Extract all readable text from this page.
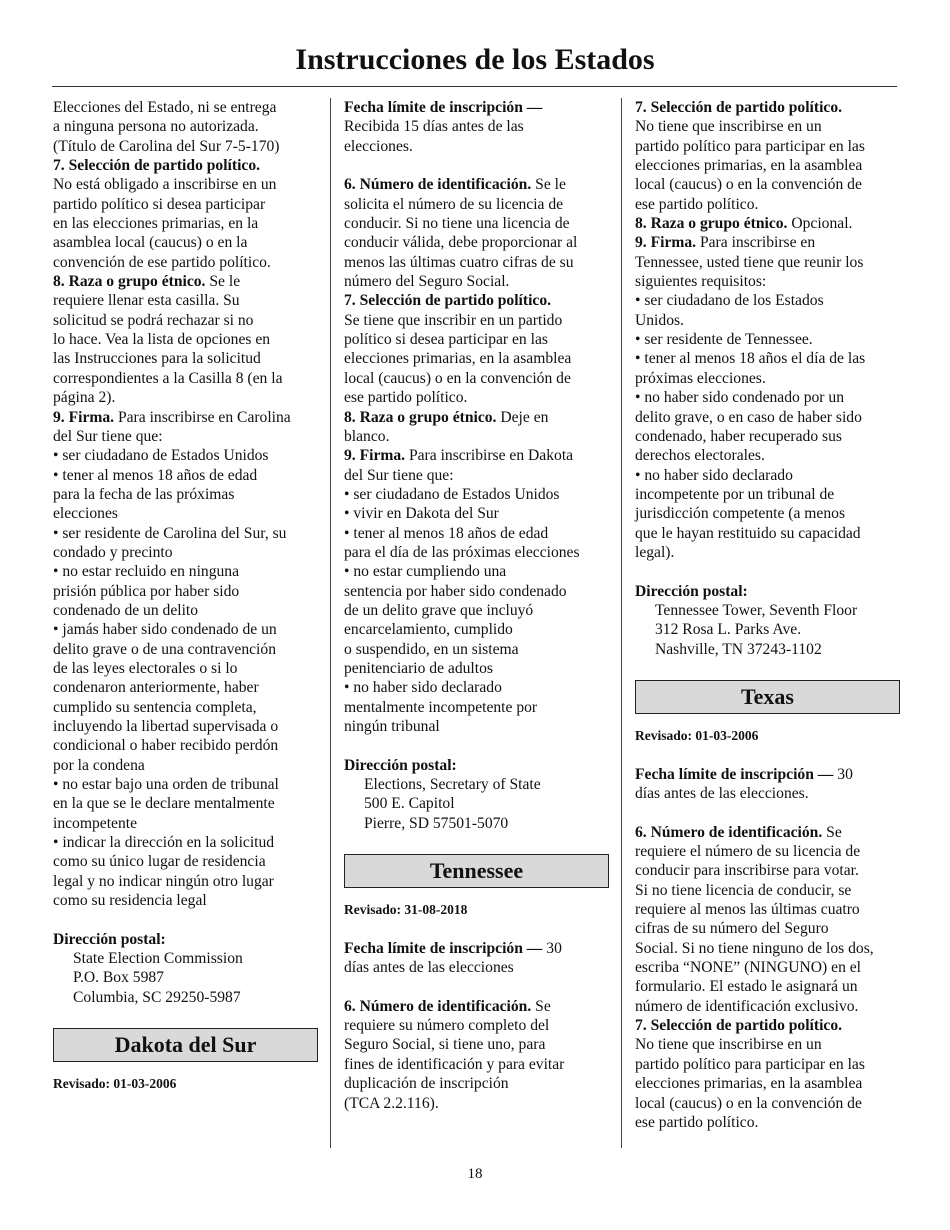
Instrucciones de los Estados

Elecciones del Estado, ni se entrega

a ninguna persona no autorizada.

(Título de Carolina del Sur 7-5-170)

7. Selección de partido político.

No está obligado a inscribirse en un

partido político si desea participar

en las elecciones primarias, en la

asamblea local (caucus) o en la

convención de ese partido político.

8. Raza o grupo étnico. Se le

requiere llenar esta casilla. Su

solicitud se podrá rechazar si no

lo hace. Vea la lista de opciones en

las Instrucciones para la solicitud

correspondientes a la Casilla 8 (en la

página 2).

9. Firma. Para inscribirse en Carolina

del Sur tiene que:

• ser ciudadano de Estados Unidos

• tener al menos 18 años de edad

para la fecha de las próximas

elecciones

• ser residente de Carolina del Sur, su

condado y precinto

• no estar recluido en ninguna

prisión pública por haber sido

condenado de un delito

• jamás haber sido condenado de un

delito grave o de una contravención

de las leyes electorales o si lo

condenaron anteriormente, haber

cumplido su sentencia completa,

incluyendo la libertad supervisada o

condicional o haber recibido perdón

por la condena

• no estar bajo una orden de tribunal

en la que se le declare mentalmente

incompetente

• indicar la dirección en la solicitud

como su único lugar de residencia

legal y no indicar ningún otro lugar

como su residencia legal

Dirección postal:

State Election Commission

P.O. Box 5987

Columbia, SC 29250-5987

Dakota del Sur

Revisado: 01-03-2006

Fecha límite de inscripción —

Recibida 15 días antes de las

elecciones.

6. Número de identificación. Se le

solicita el número de su licencia de

conducir. Si no tiene una licencia de

conducir válida, debe proporcionar al

menos las últimas cuatro cifras de su

número del Seguro Social.

7. Selección de partido político.

Se tiene que inscribir en un partido

político si desea participar en las

elecciones primarias, en la asamblea

local (caucus) o en la convención de

ese partido político.

8. Raza o grupo étnico. Deje en

blanco.

9. Firma. Para inscribirse en Dakota

del Sur tiene que:

• ser ciudadano de Estados Unidos

• vivir en Dakota del Sur

• tener al menos 18 años de edad

para el día de las próximas elecciones

• no estar cumpliendo una

sentencia por haber sido condenado

de un delito grave que incluyó

encarcelamiento, cumplido

o suspendido, en un sistema

penitenciario de adultos

• no haber sido declarado

mentalmente incompetente por

ningún tribunal

Dirección postal:

Elections, Secretary of State

500 E. Capitol

Pierre, SD 57501-5070

Tennessee

Revisado: 31-08-2018

Fecha límite de inscripción — 30

días antes de las elecciones

6. Número de identificación. Se

requiere su número completo del

Seguro Social, si tiene uno, para

fines de identificación y para evitar

duplicación de inscripción

(TCA 2.2.116).

7. Selección de partido político.

No tiene que inscribirse en un

partido político para participar en las

elecciones primarias, en la asamblea

local (caucus) o en la convención de

ese partido político.

8. Raza o grupo étnico. Opcional.

9. Firma. Para inscribirse en

Tennessee, usted tiene que reunir los

siguientes requisitos:

• ser ciudadano de los Estados

Unidos.

• ser residente de Tennessee.

• tener al menos 18 años el día de las

próximas elecciones.

• no haber sido condenado por un

delito grave, o en caso de haber sido

condenado, haber recuperado sus

derechos electorales.

• no haber sido declarado

incompetente por un tribunal de

jurisdicción competente (a menos

que le hayan restituido su capacidad

legal).

Dirección postal:

Tennessee Tower, Seventh Floor

312 Rosa L. Parks Ave.

Nashville, TN 37243-1102

Texas

Revisado: 01-03-2006

Fecha límite de inscripción — 30

días antes de las elecciones.

6. Número de identificación. Se

requiere el número de su licencia de

conducir para inscribirse para votar.

Si no tiene licencia de conducir, se

requiere al menos las últimas cuatro

cifras de su número del Seguro

Social. Si no tiene ninguno de los dos,

escriba “NONE” (NINGUNO) en el

formulario. El estado le asignará un

número de identificación exclusivo.

7. Selección de partido político.

No tiene que inscribirse en un

partido político para participar en las

elecciones primarias, en la asamblea

local (caucus) o en la convención de

ese partido político.

18
